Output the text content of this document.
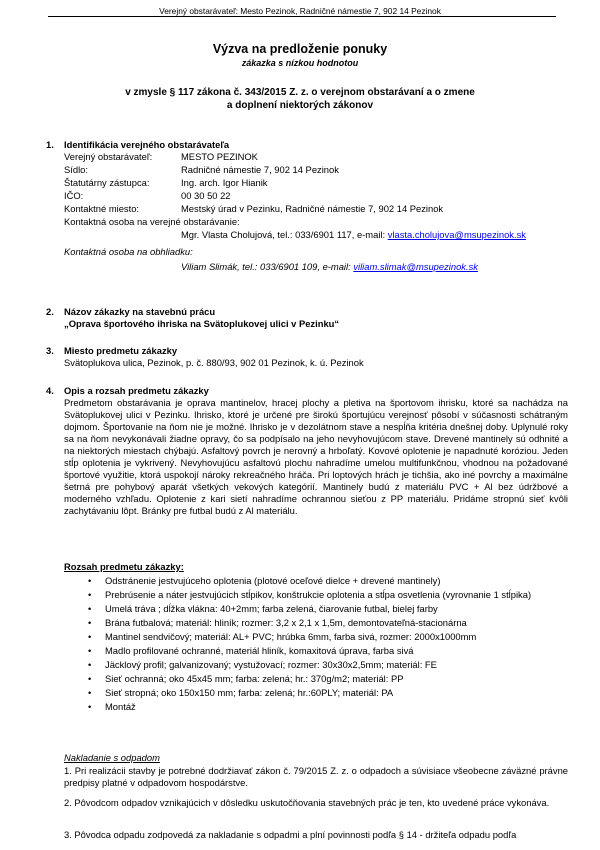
Verejný obstarávateľ: Mesto Pezinok, Radničné námestie 7, 902 14 Pezinok
Výzva na predloženie ponuky
zákazka s nízkou hodnotou
v zmysle § 117 zákona č. 343/2015 Z. z. o verejnom obstarávaní a o zmene
a doplnení niektorých zákonov
1. Identifikácia verejného obstarávateľa
Verejný obstarávateľ:	MESTO PEZINOK
Sídlo:	Radničné námestie 7, 902 14 Pezinok
Štatutárny zástupca:	Ing. arch. Igor Hianik
IČO:	00 30 50 22
Kontaktné miesto:	Mestský úrad v Pezinku, Radničné námestie 7, 902 14 Pezinok
Kontaktná osoba na verejné obstarávanie:
Mgr. Vlasta Cholujová, tel.: 033/6901 117, e-mail: vlasta.cholujova@msupezinok.sk
Kontaktná osoba na obhliadku:
Viliam Slimák, tel.: 033/6901 109, e-mail: viliam.slimak@msupezinok.sk
2. Názov zákazky na stavebnú prácu
„Oprava športového ihriska na Svätoplukovej ulici v Pezinku“
3. Miesto predmetu zákazky
Svätoplukova ulica, Pezinok, p. č. 880/93, 902 01 Pezinok, k. ú. Pezinok
4. Opis a rozsah predmetu zákazky
Predmetom obstarávania je oprava mantinelov, hracej plochy a pletiva na športovom ihrisku, ktoré sa nachádza na Svätoplukovej ulici v Pezinku. Ihrisko, ktoré je určené pre širokú športujúcu verejnosť pôsobí v súčasnosti schátraným dojmom. Športovanie na ňom nie je možné. Ihrisko je v dezolátnom stave a nespĺňa kritéria dnešnej doby. Uplynulé roky sa na ňom nevykonávali žiadne opravy, čo sa podpísalo na jeho nevyhovujúcom stave. Drevené mantinely sú odhnité a na niektorých miestach chýbajú. Asfaltový povrch je nerovný a hrboľatý. Kovové oplotenie je napadnuté koróziou. Jeden stĺp oplotenia je vykrivený. Nevyhovujúcu asfaltovú plochu nahradíme umelou multifunkčnou, vhodnou na požadované športové využitie, ktorá uspokojí nároky rekreačného hráča. Pri loptových hrách je tichšia, ako iné povrchy a maximálne šetrná pre pohybový aparát všetkých vekových kategórií. Mantinely budú z materiálu PVC + Al bez údržbové a moderného vzhľadu. Oplotenie z kari sietí nahradíme ochrannou sieťou z PP materiálu. Pridáme stropnú sieť kvôli zachytávaniu lôpt. Bránky pre futbal budú z Al materiálu.
Rozsah predmetu zákazky:
• Odstránenie jestvujúceho oplotenia (plotové oceľové dielce + drevené mantinely)
• Prebrúsenie a náter jestvujúcich stĺpikov, konštrukcie oplotenia a stĺpa osvetlenia (vyrovnanie 1 stĺpika)
• Umelá tráva ; dĺžka vlákna: 40+2mm; farba zelená, čiarovanie futbal, bielej farby
• Brána futbalová; materiál: hliník; rozmer: 3,2 x 2,1 x 1,5m, demontovateľná-stacionárna
• Mantinel sendvičový; materiál: AL+ PVC; hrúbka 6mm, farba sivá, rozmer: 2000x1000mm
• Madlo profilované ochranné, materiál hliník, komaxitová úprava, farba sivá
• Jäcklový profil; galvanizovaný; vystužovací; rozmer: 30x30x2,5mm; materiál: FE
• Sieť ochranná; oko 45x45 mm; farba: zelená; hr.: 370g/m2; materiál: PP
• Sieť stropná; oko 150x150 mm; farba: zelená; hr.:60PLY; materiál: PA
• Montáž
Nakladanie s odpadom
1. Pri realizácii stavby je potrebné dodržiavať zákon č. 79/2015 Z. z. o odpadoch a súvisiace všeobecne záväzné právne predpisy platné v odpadovom hospodárstve.
2. Pôvodcom odpadov vznikajúcich v dôsledku uskutočňovania stavebných prác je ten, kto uvedené práce vykonáva.
3. Pôvodca odpadu zodpovedá za nakladanie s odpadmi a plní povinnosti podľa § 14 - držiteľa odpadu podľa
